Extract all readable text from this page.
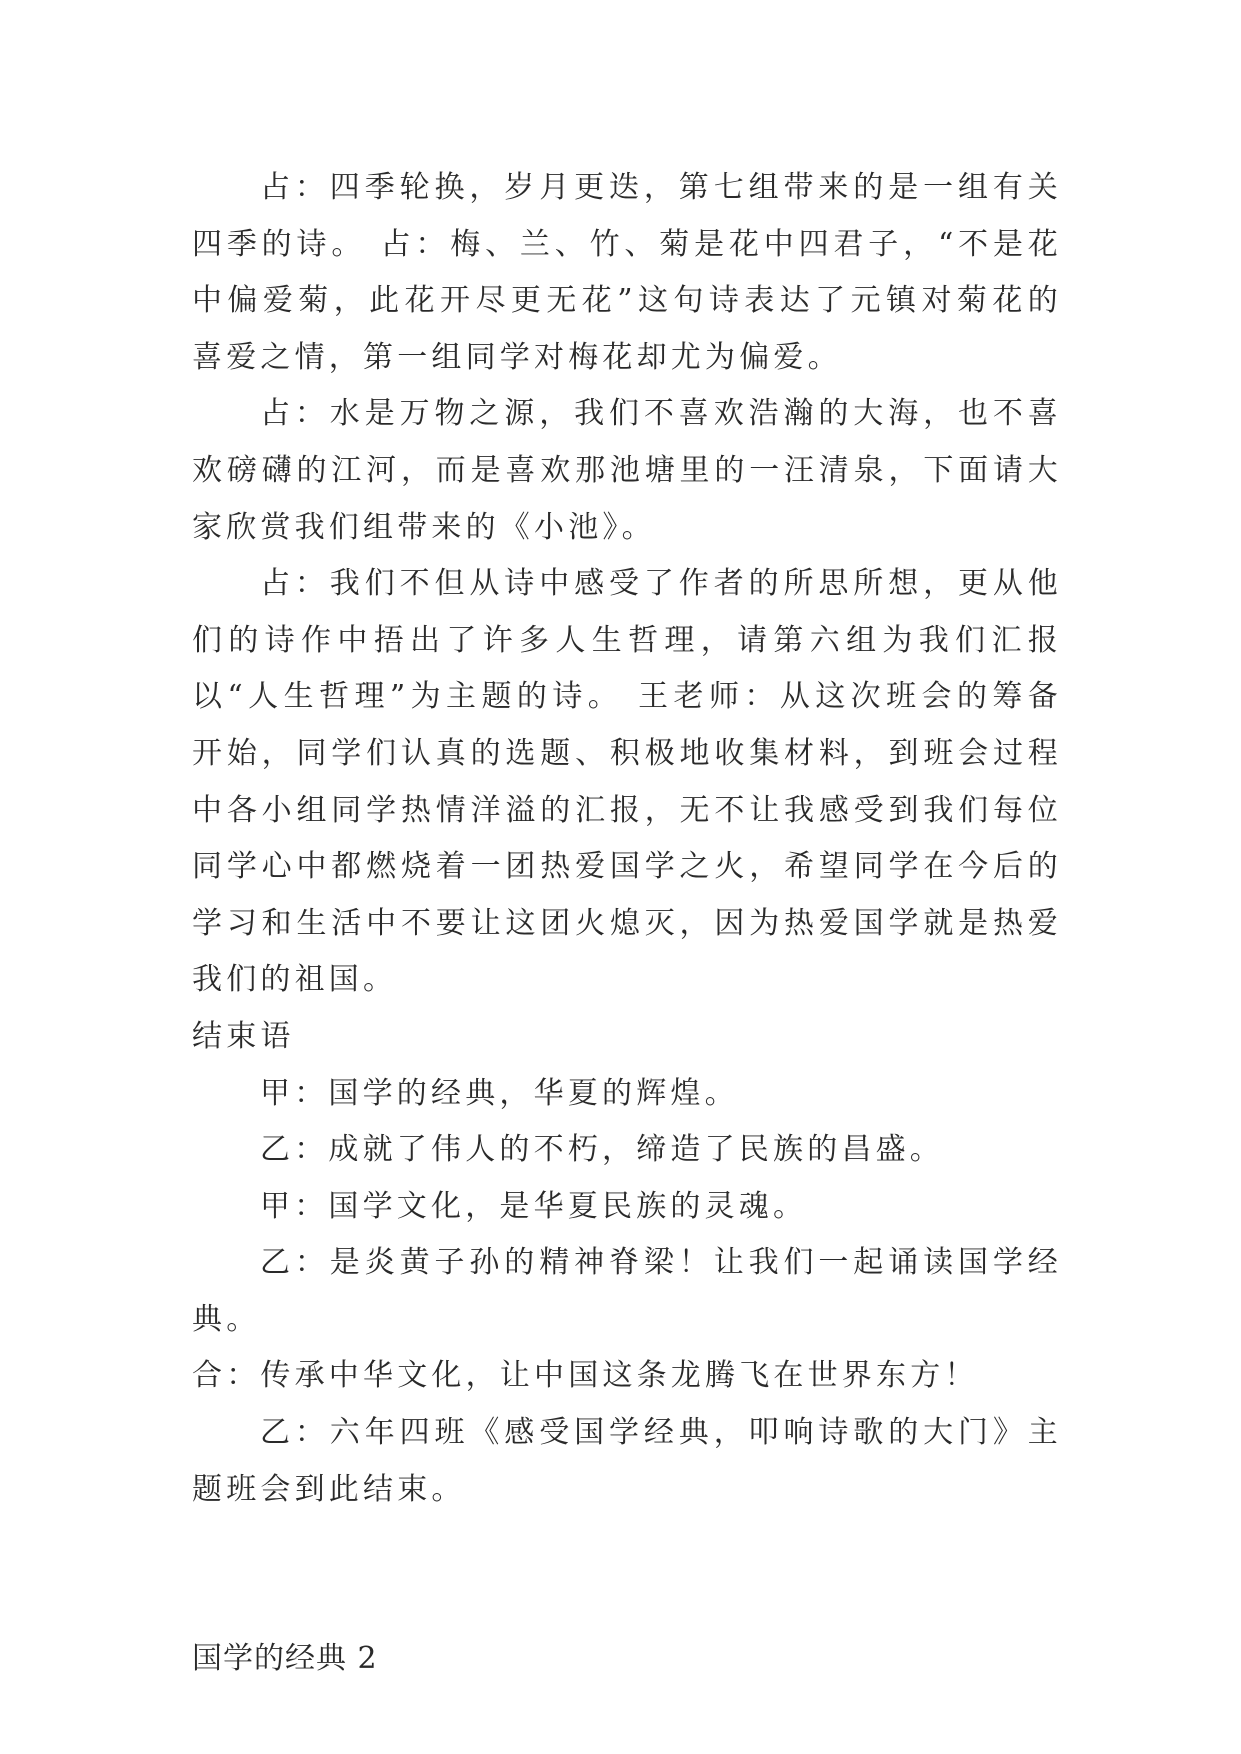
占：四季轮换，岁月更迭，第七组带来的是一组有关四季的诗。 占：梅、兰、竹、菊是花中四君子，“不是花中偏爱菊，此花开尽更无花”这句诗表达了元镇对菊花的喜爱之情，第一组同学对梅花却尤为偏爱。

占：水是万物之源，我们不喜欢浩瀚的大海，也不喜欢磅礴的江河，而是喜欢那池塘里的一汪清泉，下面请大家欣赏我们组带来的《小池》。

占：我们不但从诗中感受了作者的所思所想，更从他们的诗作中捂出了许多人生哲理，请第六组为我们汇报以“人生哲理”为主题的诗。 王老师：从这次班会的筹备开始，同学们认真的选题、积极地收集材料，到班会过程中各小组同学热情洋溢的汇报，无不让我感受到我们每位同学心中都燃烧着一团热爱国学之火，希望同学在今后的学习和生活中不要让这团火熄灭，因为热爱国学就是热爱我们的祖国。

结束语

甲：国学的经典，华夏的辉煌。

乙：成就了伟人的不朽，缔造了民族的昌盛。

甲：国学文化，是华夏民族的灵魂。

乙：是炎黄子孙的精神脊梁！让我们一起诵读国学经典。

合：传承中华文化，让中国这条龙腾飞在世界东方！

乙：六年四班《感受国学经典，叩响诗歌的大门》主题班会到此结束。

国学的经典 2
